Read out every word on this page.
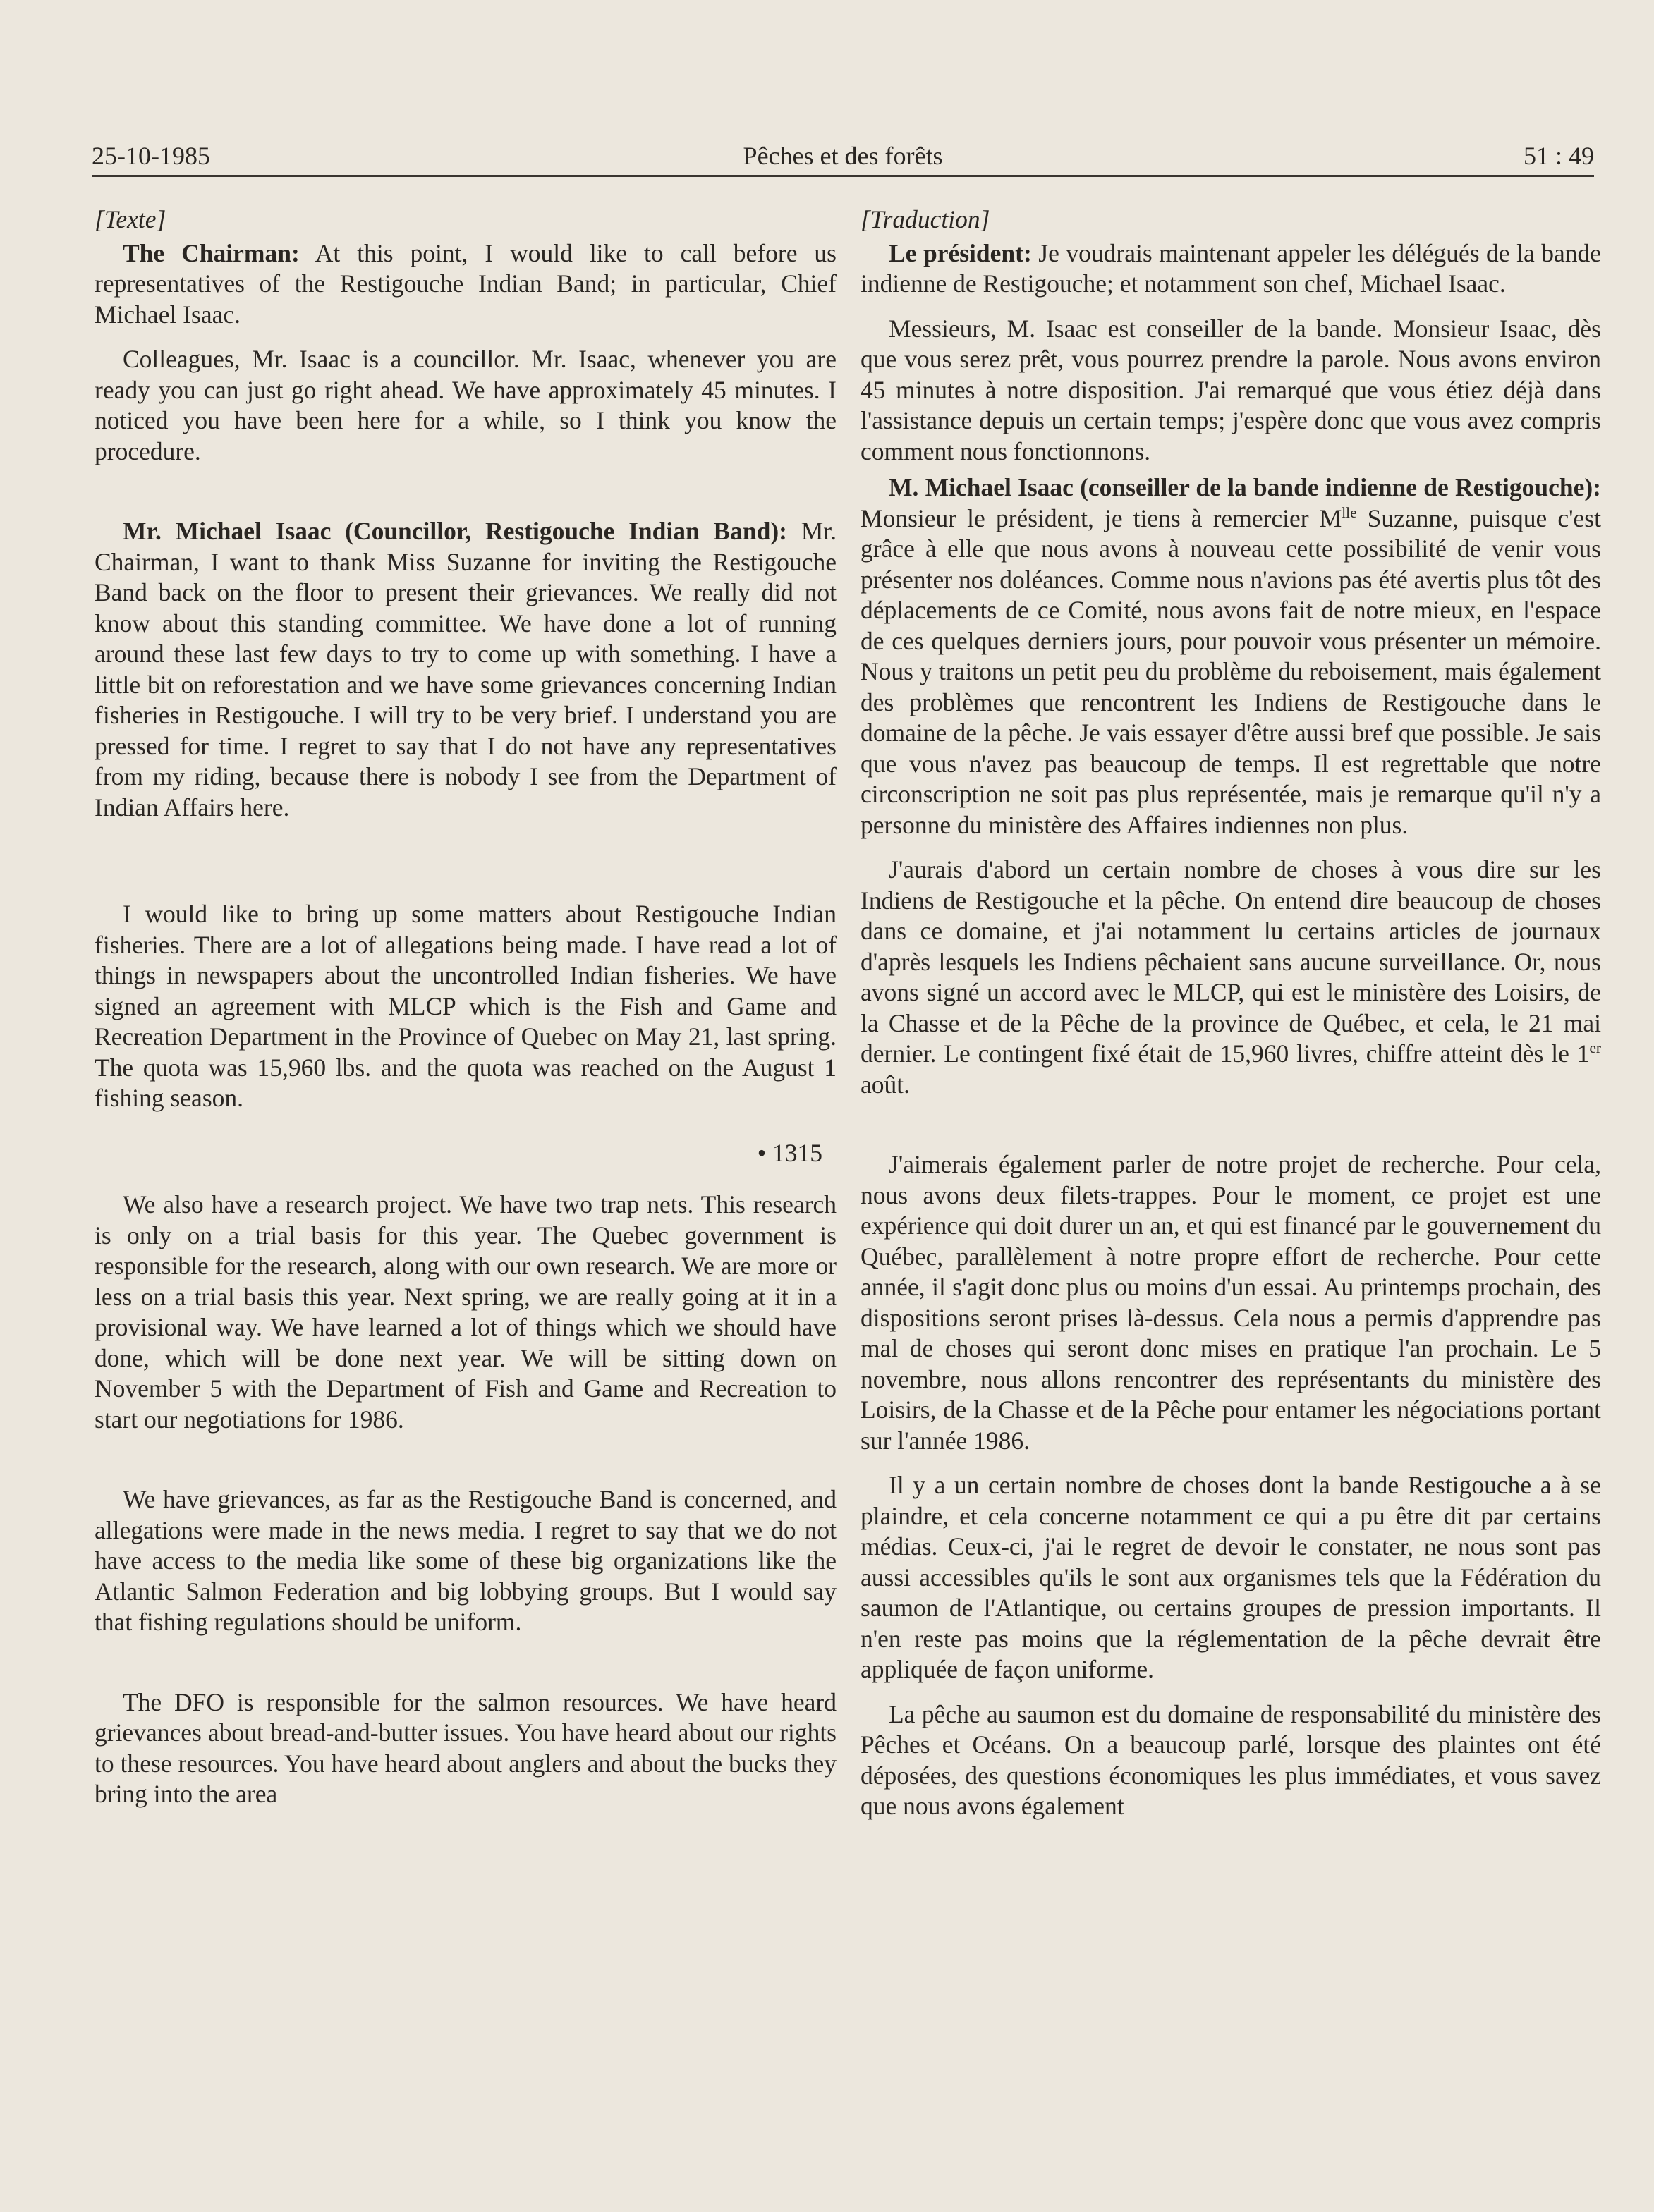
25-10-1985	Pêches et des forêts	51 : 49

[Texte]

The Chairman: At this point, I would like to call before us representatives of the Restigouche Indian Band; in particular, Chief Michael Isaac.

Colleagues, Mr. Isaac is a councillor. Mr. Isaac, whenever you are ready you can just go right ahead. We have approximately 45 minutes. I noticed you have been here for a while, so I think you know the procedure.

Mr. Michael Isaac (Councillor, Restigouche Indian Band): Mr. Chairman, I want to thank Miss Suzanne for inviting the Restigouche Band back on the floor to present their grievances. We really did not know about this standing committee. We have done a lot of running around these last few days to try to come up with something. I have a little bit on reforestation and we have some grievances concerning Indian fisheries in Restigouche. I will try to be very brief. I understand you are pressed for time. I regret to say that I do not have any representatives from my riding, because there is nobody I see from the Department of Indian Affairs here.

I would like to bring up some matters about Restigouche Indian fisheries. There are a lot of allegations being made. I have read a lot of things in newspapers about the uncontrolled Indian fisheries. We have signed an agreement with MLCP which is the Fish and Game and Recreation Department in the Province of Quebec on May 21, last spring. The quota was 15,960 lbs. and the quota was reached on the August 1 fishing season.

• 1315

We also have a research project. We have two trap nets. This research is only on a trial basis for this year. The Quebec government is responsible for the research, along with our own research. We are more or less on a trial basis this year. Next spring, we are really going at it in a provisional way. We have learned a lot of things which we should have done, which will be done next year. We will be sitting down on November 5 with the Department of Fish and Game and Recreation to start our negotiations for 1986.

We have grievances, as far as the Restigouche Band is concerned, and allegations were made in the news media. I regret to say that we do not have access to the media like some of these big organizations like the Atlantic Salmon Federation and big lobbying groups. But I would say that fishing regulations should be uniform.

The DFO is responsible for the salmon resources. We have heard grievances about bread-and-butter issues. You have heard about our rights to these resources. You have heard about anglers and about the bucks they bring into the area

[Traduction]

Le président: Je voudrais maintenant appeler les délégués de la bande indienne de Restigouche; et notamment son chef, Michael Isaac.

Messieurs, M. Isaac est conseiller de la bande. Monsieur Isaac, dès que vous serez prêt, vous pourrez prendre la parole. Nous avons environ 45 minutes à notre disposition. J'ai remarqué que vous étiez déjà dans l'assistance depuis un certain temps; j'espère donc que vous avez compris comment nous fonctionnons.

M. Michael Isaac (conseiller de la bande indienne de Restigouche): Monsieur le président, je tiens à remercier $M^{lle}$ Suzanne, puisque c'est grâce à elle que nous avons à nouveau cette possibilité de venir vous présenter nos doléances. Comme nous n'avions pas été avertis plus tôt des déplacements de ce Comité, nous avons fait de notre mieux, en l'espace de ces quelques derniers jours, pour pouvoir vous présenter un mémoire. Nous y traitons un petit peu du problème du reboisement, mais également des problèmes que rencontrent les Indiens de Restigouche dans le domaine de la pêche. Je vais essayer d'être aussi bref que possible. Je sais que vous n'avez pas beaucoup de temps. Il est regrettable que notre circonscription ne soit pas plus représentée, mais je remarque qu'il n'y a personne du ministère des Affaires indiennes non plus.

J'aurais d'abord un certain nombre de choses à vous dire sur les Indiens de Restigouche et la pêche. On entend dire beaucoup de choses dans ce domaine, et j'ai notamment lu certains articles de journaux d'après lesquels les Indiens pêchaient sans aucune surveillance. Or, nous avons signé un accord avec le MLCP, qui est le ministère des Loisirs, de la Chasse et de la Pêche de la province de Québec, et cela, le 21 mai dernier. Le contingent fixé était de 15,960 livres, chiffre atteint dès le 1er août.

J'aimerais également parler de notre projet de recherche. Pour cela, nous avons deux filets-trappes. Pour le moment, ce projet est une expérience qui doit durer un an, et qui est financé par le gouvernement du Québec, parallèlement à notre propre effort de recherche. Pour cette année, il s'agit donc plus ou moins d'un essai. Au printemps prochain, des dispositions seront prises là-dessus. Cela nous a permis d'apprendre pas mal de choses qui seront donc mises en pratique l'an prochain. Le 5 novembre, nous allons rencontrer des représentants du ministère des Loisirs, de la Chasse et de la Pêche pour entamer les négociations portant sur l'année 1986.

Il y a un certain nombre de choses dont la bande Restigouche a à se plaindre, et cela concerne notamment ce qui a pu être dit par certains médias. Ceux-ci, j'ai le regret de devoir le constater, ne nous sont pas aussi accessibles qu'ils le sont aux organismes tels que la Fédération du saumon de l'Atlantique, ou certains groupes de pression importants. Il n'en reste pas moins que la réglementation de la pêche devrait être appliquée de façon uniforme.

La pêche au saumon est du domaine de responsabilité du ministère des Pêches et Océans. On a beaucoup parlé, lorsque des plaintes ont été déposées, des questions économiques les plus immédiates, et vous savez que nous avons également
